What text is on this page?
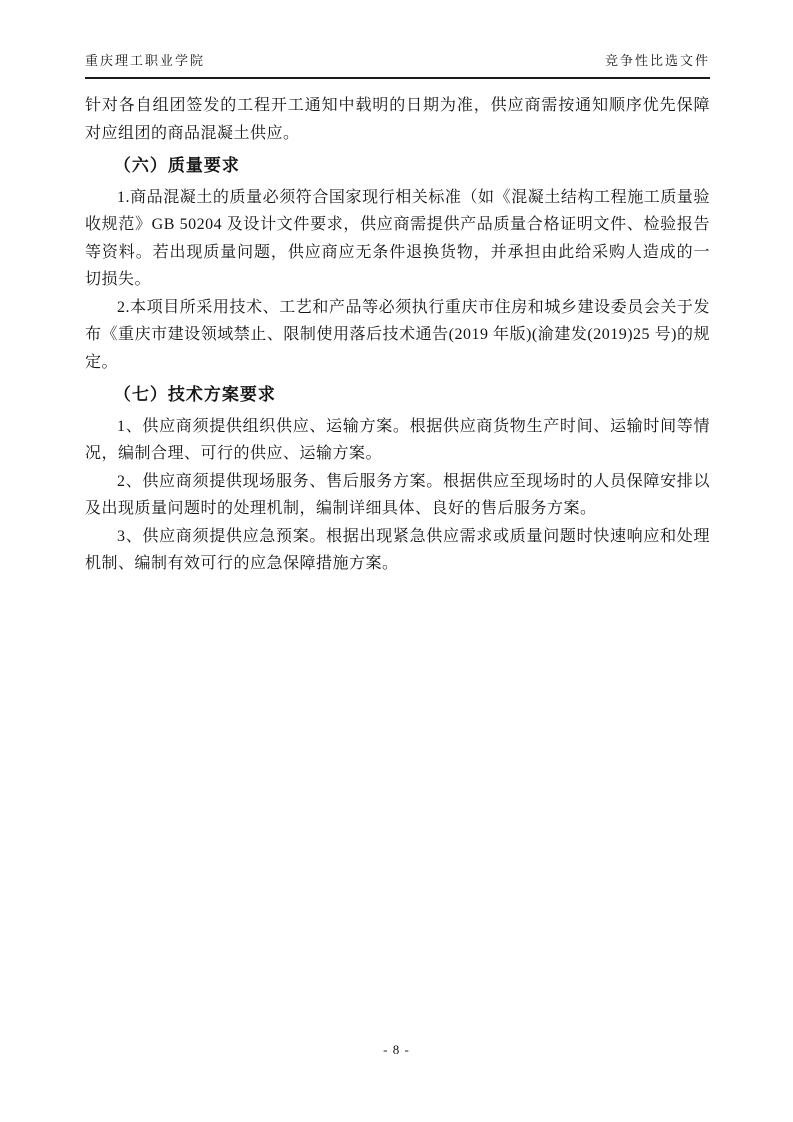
重庆理工职业学院	竞争性比选文件

针对各自组团签发的工程开工通知中载明的日期为准，供应商需按通知顺序优先保障对应组团的商品混凝土供应。

（六）质量要求

1.商品混凝土的质量必须符合国家现行相关标准（如《混凝土结构工程施工质量验收规范》GB 50204 及设计文件要求，供应商需提供产品质量合格证明文件、检验报告等资料。若出现质量问题，供应商应无条件退换货物，并承担由此给采购人造成的一切损失。

2.本项目所采用技术、工艺和产品等必须执行重庆市住房和城乡建设委员会关于发布《重庆市建设领域禁止、限制使用落后技术通告(2019 年版)(渝建发(2019)25 号)的规定。

（七）技术方案要求

1、供应商须提供组织供应、运输方案。根据供应商货物生产时间、运输时间等情况，编制合理、可行的供应、运输方案。

2、供应商须提供现场服务、售后服务方案。根据供应至现场时的人员保障安排以及出现质量问题时的处理机制，编制详细具体、良好的售后服务方案。

3、供应商须提供应急预案。根据出现紧急供应需求或质量问题时快速响应和处理机制、编制有效可行的应急保障措施方案。

- 8 -
